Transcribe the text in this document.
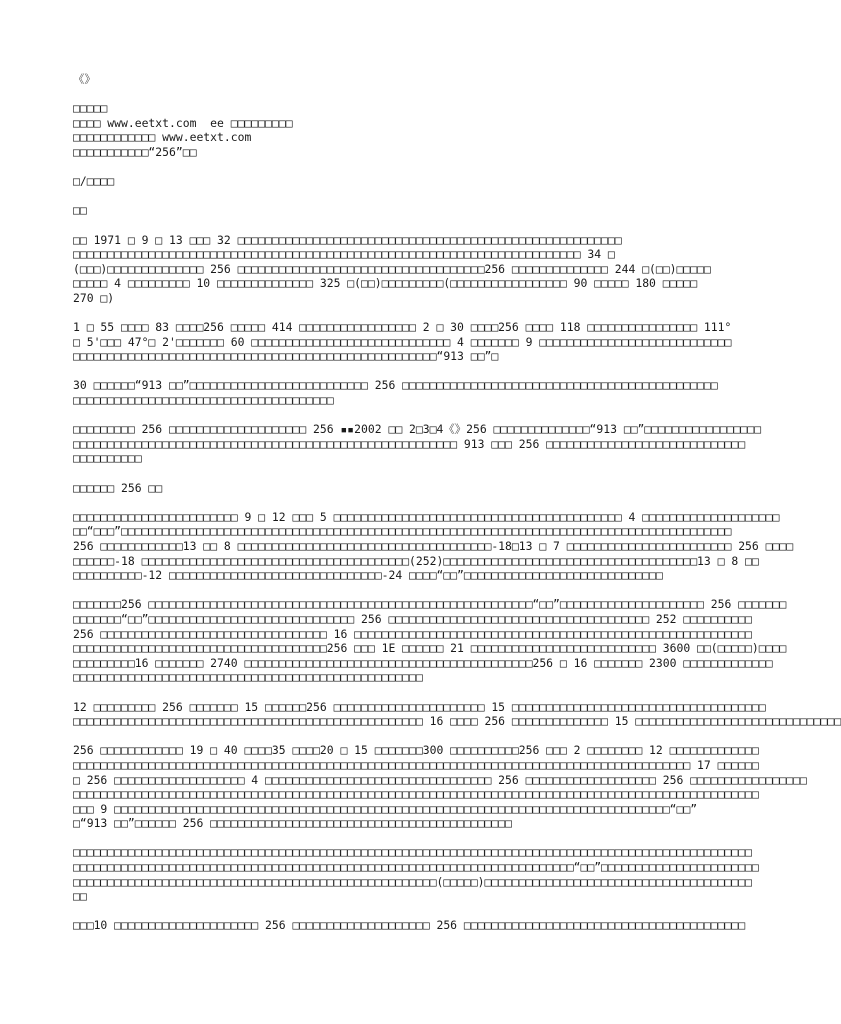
《》
□□□□□
□□□□ www.eetxt.com  ee □□□□□□□□□
□□□□□□□□□□□□ www.eetxt.com
□□□□□□□□□□□“256”□□
□/□□□□
□□
□□ 1971 □ 9 □ 13 □□□ 32 □□□□□□□□□□□□□□□□□□□□□□□□□□□□□□□□□□□□□□□□□□□□□□□□□□□□□□□□
□□□□□□□□□□□□□□□□□□□□□□□□□□□□□□□□□□□□□□□□□□□□□□□□□□□□□□□□□□□□□□□□□□□□□□□□□□ 34 □
(□□□)□□□□□□□□□□□□□□ 256 □□□□□□□□□□□□□□□□□□□□□□□□□□□□□□□□□□□□256 □□□□□□□□□□□□□□ 244 □(□□)□□□□□
□□□□□ 4 □□□□□□□□□ 10 □□□□□□□□□□□□□□ 325 □(□□)□□□□□□□□□(□□□□□□□□□□□□□□□□□ 90 □□□□□ 180 □□□□□
270 □)
1 □ 55 □□□□ 83 □□□□256 □□□□□ 414 □□□□□□□□□□□□□□□□□ 2 □ 30 □□□□256 □□□□ 118 □□□□□□□□□□□□□□□□ 111°
□ 5'□□□ 47°□ 2'□□□□□□□ 60 □□□□□□□□□□□□□□□□□□□□□□□□□□□□□ 4 □□□□□□□ 9 □□□□□□□□□□□□□□□□□□□□□□□□□□□□
□□□□□□□□□□□□□□□□□□□□□□□□□□□□□□□□□□□□□□□□□□□□□□□□□□□□□“913 □□”□
30 □□□□□□“913 □□”□□□□□□□□□□□□□□□□□□□□□□□□□□ 256 □□□□□□□□□□□□□□□□□□□□□□□□□□□□□□□□□□□□□□□□□□□□□□
□□□□□□□□□□□□□□□□□□□□□□□□□□□□□□□□□□□□□□
□□□□□□□□□ 256 □□□□□□□□□□□□□□□□□□□□ 256 ▪▪2002 □□ 2□3□4《》256 □□□□□□□□□□□□□□“913 □□”□□□□□□□□□□□□□□□□□
□□□□□□□□□□□□□□□□□□□□□□□□□□□□□□□□□□□□□□□□□□□□□□□□□□□□□□□□ 913 □□□ 256 □□□□□□□□□□□□□□□□□□□□□□□□□□□□□
□□□□□□□□□□
□□□□□□ 256 □□
□□□□□□□□□□□□□□□□□□□□□□□□ 9 □ 12 □□□ 5 □□□□□□□□□□□□□□□□□□□□□□□□□□□□□□□□□□□□□□□□□□ 4 □□□□□□□□□□□□□□□□□□□□
□□“□□□”□□□□□□□□□□□□□□□□□□□□□□□□□□□□□□□□□□□□□□□□□□□□□□□□□□□□□□□□□□□□□□□□□□□□□□□□□□□□□□□□□□□□□□□□□
256 □□□□□□□□□□□□13 □□ 8 □□□□□□□□□□□□□□□□□□□□□□□□□□□□□□□□□□□□□-18□13 □ 7 □□□□□□□□□□□□□□□□□□□□□□□□ 256 □□□□
□□□□□□-18 □□□□□□□□□□□□□□□□□□□□□□□□□□□□□□□□□□□□□□□(252)□□□□□□□□□□□□□□□□□□□□□□□□□□□□□□□□□□□□□13 □ 8 □□
□□□□□□□□□□-12 □□□□□□□□□□□□□□□□□□□□□□□□□□□□□□□-24 □□□□“□□”□□□□□□□□□□□□□□□□□□□□□□□□□□□□□
□□□□□□□256 □□□□□□□□□□□□□□□□□□□□□□□□□□□□□□□□□□□□□□□□□□□□□□□□□□□□□□□□“□□”□□□□□□□□□□□□□□□□□□□□□ 256 □□□□□□□
□□□□□□□“□□”□□□□□□□□□□□□□□□□□□□□□□□□□□□□□□ 256 □□□□□□□□□□□□□□□□□□□□□□□□□□□□□□□□□□□□□□ 252 □□□□□□□□□□
256 □□□□□□□□□□□□□□□□□□□□□□□□□□□□□□□□□ 16 □□□□□□□□□□□□□□□□□□□□□□□□□□□□□□□□□□□□□□□□□□□□□□□□□□□□□□□□□□
□□□□□□□□□□□□□□□□□□□□□□□□□□□□□□□□□□□□□256 □□□ 1E □□□□□□ 21 □□□□□□□□□□□□□□□□□□□□□□□□□□□ 3600 □□(□□□□□)□□□□
□□□□□□□□□16 □□□□□□□ 2740 □□□□□□□□□□□□□□□□□□□□□□□□□□□□□□□□□□□□□□□□□□256 □ 16 □□□□□□□ 2300 □□□□□□□□□□□□□
□□□□□□□□□□□□□□□□□□□□□□□□□□□□□□□□□□□□□□□□□□□□□□□□□□□
12 □□□□□□□□□ 256 □□□□□□□ 15 □□□□□□256 □□□□□□□□□□□□□□□□□□□□□□ 15 □□□□□□□□□□□□□□□□□□□□□□□□□□□□□□□□□□□□□
□□□□□□□□□□□□□□□□□□□□□□□□□□□□□□□□□□□□□□□□□□□□□□□□□□□ 16 □□□□ 256 □□□□□□□□□□□□□□ 15 □□□□□□□□□□□□□□□□□□□□□□□□□□□□□□
256 □□□□□□□□□□□□ 19 □ 40 □□□□35 □□□□20 □ 15 □□□□□□□300 □□□□□□□□□□256 □□□ 2 □□□□□□□□ 12 □□□□□□□□□□□□□
□□□□□□□□□□□□□□□□□□□□□□□□□□□□□□□□□□□□□□□□□□□□□□□□□□□□□□□□□□□□□□□□□□□□□□□□□□□□□□□□□□□□□□□□□□ 17 □□□□□□
□ 256 □□□□□□□□□□□□□□□□□□□ 4 □□□□□□□□□□□□□□□□□□□□□□□□□□□□□□□□□ 256 □□□□□□□□□□□□□□□□□□□ 256 □□□□□□□□□□□□□□□□□
□□□□□□□□□□□□□□□□□□□□□□□□□□□□□□□□□□□□□□□□□□□□□□□□□□□□□□□□□□□□□□□□□□□□□□□□□□□□□□□□□□□□□□□□□□□□□□□□□□□□
□□□ 9 □□□□□□□□□□□□□□□□□□□□□□□□□□□□□□□□□□□□□□□□□□□□□□□□□□□□□□□□□□□□□□□□□□□□□□□□□□□□□□□□□“□□”
□“913 □□”□□□□□□ 256 □□□□□□□□□□□□□□□□□□□□□□□□□□□□□□□□□□□□□□□□□□□□
□□□□□□□□□□□□□□□□□□□□□□□□□□□□□□□□□□□□□□□□□□□□□□□□□□□□□□□□□□□□□□□□□□□□□□□□□□□□□□□□□□□□□□□□□□□□□□□□□□□
□□□□□□□□□□□□□□□□□□□□□□□□□□□□□□□□□□□□□□□□□□□□□□□□□□□□□□□□□□□□□□□□□□□□□□□□□“□□”□□□□□□□□□□□□□□□□□□□□□□□
□□□□□□□□□□□□□□□□□□□□□□□□□□□□□□□□□□□□□□□□□□□□□□□□□□□□□(□□□□□)□□□□□□□□□□□□□□□□□□□□□□□□□□□□□□□□□□□□□□□
□□
□□□10 □□□□□□□□□□□□□□□□□□□□□ 256 □□□□□□□□□□□□□□□□□□□□ 256 □□□□□□□□□□□□□□□□□□□□□□□□□□□□□□□□□□□□□□□□□
